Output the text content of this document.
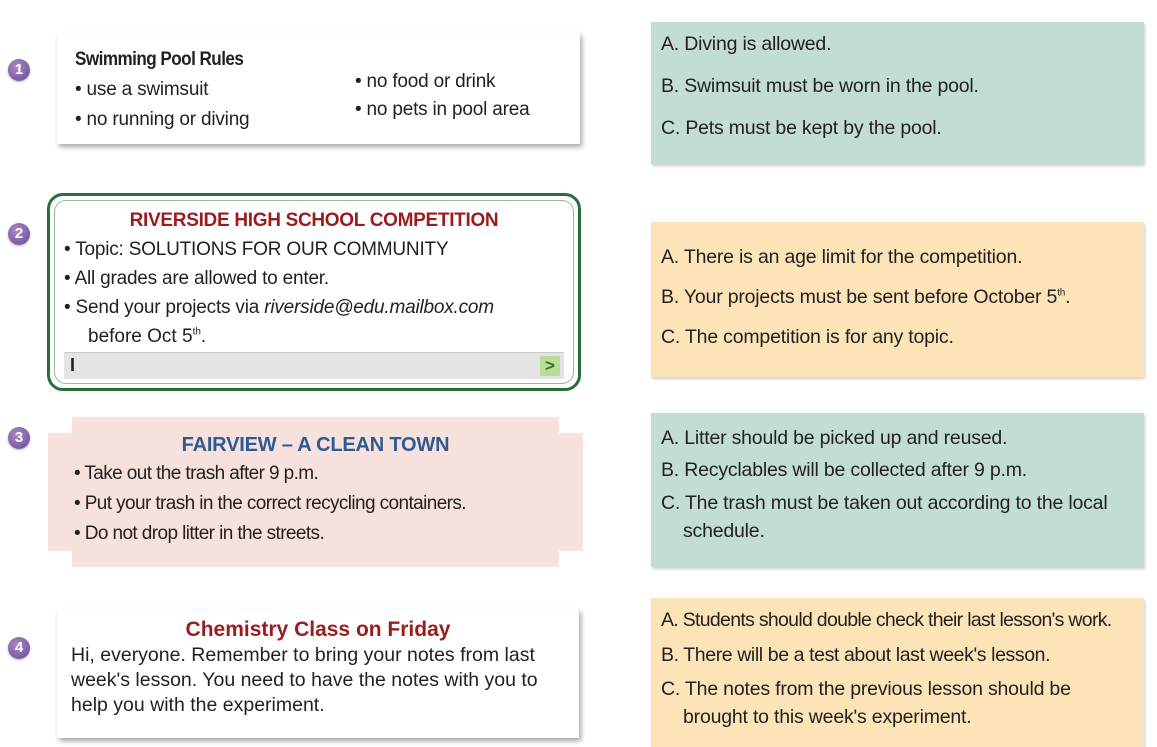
1	Swimming Pool Rules
• use a swimsuit
• no running or diving
• no food or drink
• no pets in pool area
A. Diving is allowed.
B. Swimsuit must be worn in the pool.
C. Pets must be kept by the pool.
2
RIVERSIDE HIGH SCHOOL COMPETITION
• Topic: SOLUTIONS FOR OUR COMMUNITY
• All grades are allowed to enter.
• Send your projects via riverside@edu.mailbox.com
before Oct 5th.
I	>
A. There is an age limit for the competition.
B. Your projects must be sent before October 5th.
C. The competition is for any topic.
3	FAIRVIEW – A CLEAN TOWN
• Take out the trash after 9 p.m.
• Put your trash in the correct recycling containers.
• Do not drop litter in the streets.
A. Litter should be picked up and reused.
B. Recyclables will be collected after 9 p.m.
C. The trash must be taken out according to the local
schedule.
4
Chemistry Class on Friday
Hi, everyone. Remember to bring your notes from last
week's lesson. You need to have the notes with you to
help you with the experiment.
A. Students should double check their last lesson's work.
B. There will be a test about last week's lesson.
C. The notes from the previous lesson should be
brought to this week's experiment.
